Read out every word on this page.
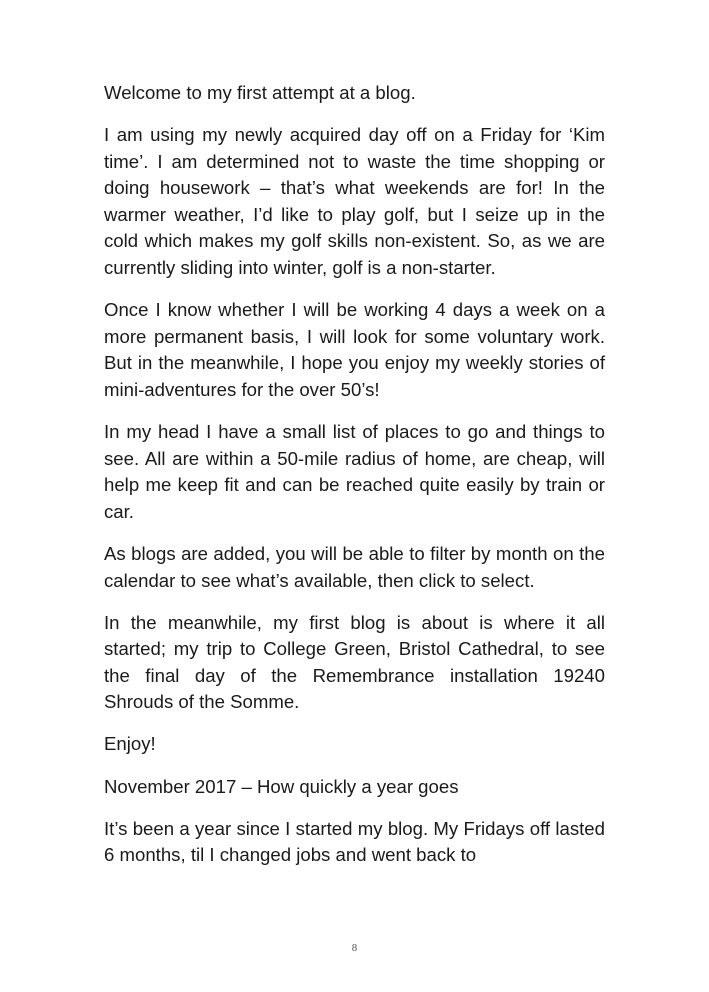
Welcome to my first attempt at a blog.

I am using my newly acquired day off on a Friday for ‘Kim time’. I am determined not to waste the time shopping or doing housework – that’s what weekends are for! In the warmer weather, I’d like to play golf, but I seize up in the cold which makes my golf skills non-existent. So, as we are currently sliding into winter, golf is a non-starter.

Once I know whether I will be working 4 days a week on a more permanent basis, I will look for some voluntary work. But in the meanwhile, I hope you enjoy my weekly stories of mini-adventures for the over 50’s!

In my head I have a small list of places to go and things to see. All are within a 50-mile radius of home, are cheap, will help me keep fit and can be reached quite easily by train or car.

As blogs are added, you will be able to filter by month on the calendar to see what’s available, then click to select.

In the meanwhile, my first blog is about is where it all started; my trip to College Green, Bristol Cathedral, to see the final day of the Remembrance installation 19240 Shrouds of the Somme.

Enjoy!

November 2017 – How quickly a year goes

It’s been a year since I started my blog. My Fridays off lasted 6 months, til I changed jobs and went back to

8
